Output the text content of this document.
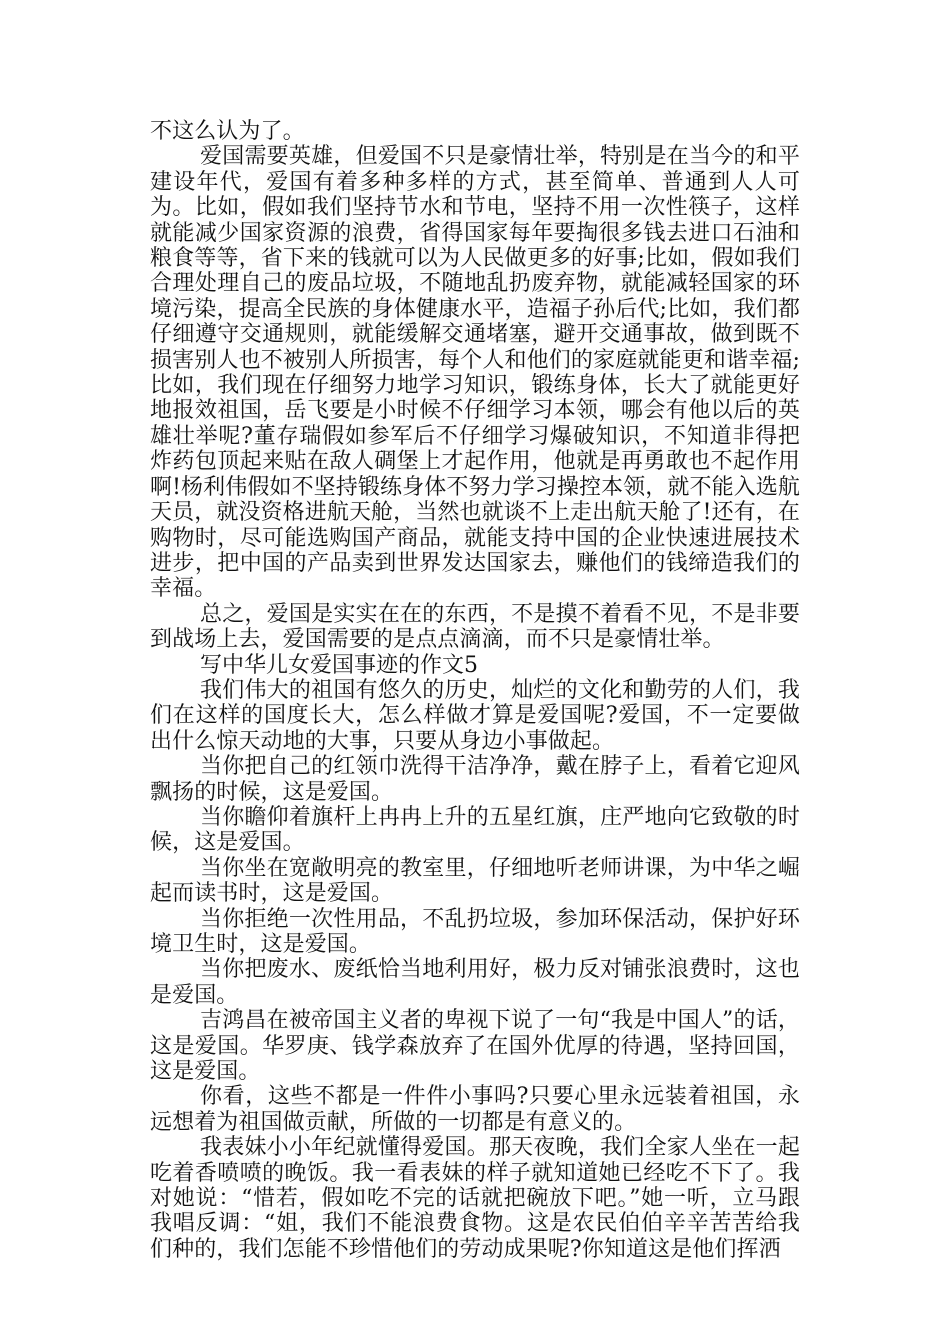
不这么认为了。

爱国需要英雄，但爱国不只是豪情壮举，特别是在当今的和平建设年代，爱国有着多种多样的方式，甚至简单、普通到人人可为。比如，假如我们坚持节水和节电，坚持不用一次性筷子，这样就能减少国家资源的浪费，省得国家每年要掏很多钱去进口石油和粮食等等，省下来的钱就可以为人民做更多的好事;比如，假如我们合理处理自己的废品垃圾，不随地乱扔废弃物，就能减轻国家的环境污染，提高全民族的身体健康水平，造福子孙后代;比如，我们都仔细遵守交通规则，就能缓解交通堵塞，避开交通事故，做到既不损害别人也不被别人所损害，每个人和他们的家庭就能更和谐幸福;比如，我们现在仔细努力地学习知识，锻练身体，长大了就能更好地报效祖国，岳飞要是小时候不仔细学习本领，哪会有他以后的英雄壮举呢?董存瑞假如参军后不仔细学习爆破知识，不知道非得把炸药包顶起来贴在敌人碉堡上才起作用，他就是再勇敢也不起作用啊!杨利伟假如不坚持锻练身体不努力学习操控本领，就不能入选航天员，就没资格进航天舱，当然也就谈不上走出航天舱了!还有，在购物时，尽可能选购国产商品，就能支持中国的企业快速进展技术进步，把中国的产品卖到世界发达国家去，赚他们的钱缔造我们的幸福。

总之，爱国是实实在在的东西，不是摸不着看不见，不是非要到战场上去，爱国需要的是点点滴滴，而不只是豪情壮举。

写中华儿女爱国事迹的作文5

我们伟大的祖国有悠久的历史，灿烂的文化和勤劳的人们，我们在这样的国度长大，怎么样做才算是爱国呢?爱国，不一定要做出什么惊天动地的大事，只要从身边小事做起。

当你把自己的红领巾洗得干洁净净，戴在脖子上，看着它迎风飘扬的时候，这是爱国。

当你瞻仰着旗杆上冉冉上升的五星红旗，庄严地向它致敬的时候，这是爱国。

当你坐在宽敞明亮的教室里，仔细地听老师讲课，为中华之崛起而读书时，这是爱国。

当你拒绝一次性用品，不乱扔垃圾，参加环保活动，保护好环境卫生时，这是爱国。

当你把废水、废纸恰当地利用好，极力反对铺张浪费时，这也是爱国。

吉鸿昌在被帝国主义者的卑视下说了一句“我是中国人”的话，这是爱国。华罗庚、钱学森放弃了在国外优厚的待遇，坚持回国，这是爱国。

你看，这些不都是一件件小事吗?只要心里永远装着祖国，永远想着为祖国做贡献，所做的一切都是有意义的。

我表妹小小年纪就懂得爱国。那天夜晚，我们全家人坐在一起吃着香喷喷的晚饭。我一看表妹的样子就知道她已经吃不下了。我对她说：“惜若，假如吃不完的话就把碗放下吧。”她一听，立马跟我唱反调：“姐，我们不能浪费食物。这是农民伯伯辛辛苦苦给我们种的，我们怎能不珍惜他们的劳动成果呢?你知道这是他们挥洒
